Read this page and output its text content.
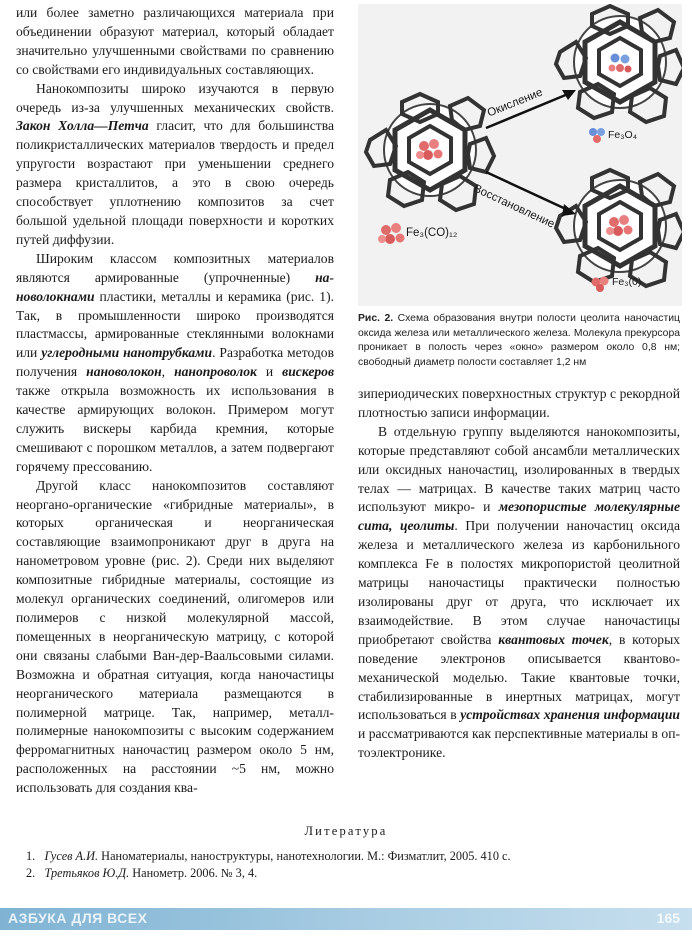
или более заметно различающихся материала при объединении образуют материал, который обладает значительно улучшенными свойствами по сравнению со свойствами его индивидуальных составляющих.

Нанокомпозиты широко изучаются в первую очередь из-за улучшенных механических свойств. Закон Холла—Петча гласит, что для большинства поликристаллических материалов твердость и предел упругости возрастают при уменьшении среднего размера кристаллитов, а это в свою очередь способствует уплотнению композитов за счет большой удельной площади поверхности и коротких путей диффузии.

Широким классом композитных материалов являются армированные (упрочненные) нановолокнами пластики, металлы и керамика (рис. 1). Так, в промышленности широко производятся пластмассы, армированные стеклянными волокнами или углеродными нанотрубками. Разработка методов получения нановолокон, нанопроволок и вискеров также открыла возможность их использования в качестве армирующих волокон. Примером могут служить вискеры карбида кремния, которые смешивают с порошком металлов, а затем подвергают горячему прессованию.

Другой класс нанокомпозитов составляют неоргано-органические «гибридные материалы», в которых органическая и неорганическая составляющие взаимопроникают друг в друга на нанометровом уровне (рис. 2). Среди них выделяют композитные гибридные материалы, состоящие из молекул органических соединений, олигомеров или полимеров с низкой молекулярной массой, помещенных в неорганическую матрицу, с которой они связаны слабыми Ван-дер-Ваальсовыми силами. Возможна и обратная ситуация, когда наночастицы неорганического материала размещаются в полимерной матрице. Так, например, металлполимерные нанокомпозиты с высоким содержанием ферромагнитных наночастиц размером около 5 нм, расположенных на расстоянии ~5 нм, можно использовать для создания ква-

Окисление
Восстановление
Fe₃(CO)₁₂
Fe₃O₄
Fe₃(0)
Рис. 2. Схема образования внутри полости цеолита наночастиц оксида железа или металлического железа. Молекула прекурсора проникает в полость через «окно» размером около 0,8 нм; свободный диаметр полости составляет 1,2 нм

зипериодических поверхностных структур с рекордной плотностью записи информации.

В отдельную группу выделяются нанокомпозиты, которые представляют собой ансамбли металлических или оксидных наночастиц, изолированных в твердых телах — матрицах. В качестве таких матриц часто используют микро- и мезопористые молекулярные сита, цеолиты. При получении наночастиц оксида железа и металлического железа из карбонильного комплекса Fe в полостях микропористой цеолитной матрицы наночастицы практически полностью изолированы друг от друга, что исключает их взаимодействие. В этом случае наночастицы приобретают свойства квантовых точек, в которых поведение электронов описывается квантово-механической моделью. Такие квантовые точки, стабилизированные в инертных матрицах, могут использоваться в устройствах хранения информации и рассматриваются как перспективные материалы в оптоэлектронике.

Литература
1. Гусев А.И. Наноматериалы, наноструктуры, нанотехнологии. М.: Физматлит, 2005. 410 с.
2. Третьяков Ю.Д. Нанометр. 2006. № 3, 4.
АЗБУКА ДЛЯ ВСЕХ	165
